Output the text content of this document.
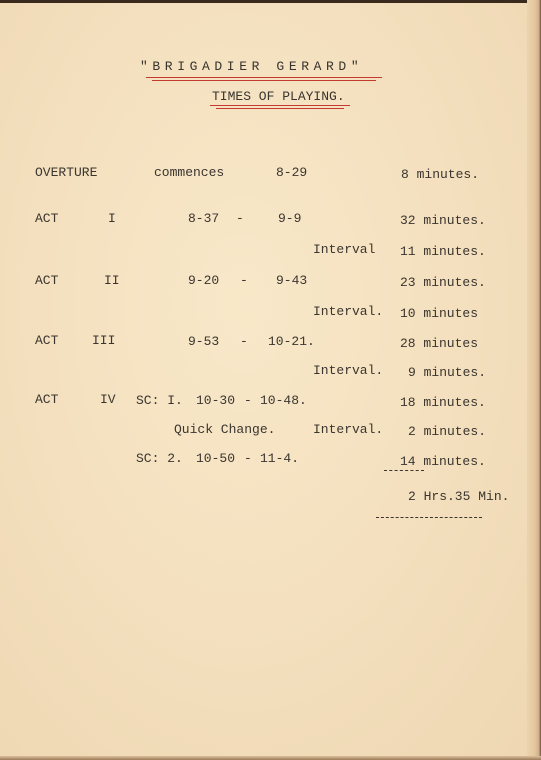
"BRIGADIER GERARD"
TIMES OF PLAYING.
OVERTURE	commences	8-29	8 minutes.
ACT	I	8-37 -	9-9	32 minutes.
Interval 11 minutes.
ACT	II	9-20 - 9-43	23 minutes.
Interval. 10 minutes
ACT	III	9-53 - 10-21.	28 minutes
Interval. 9 minutes.
ACT	IV SC: I. 10-30 - 10-48.	18 minutes.
Quick Change.	Interval. 2 minutes.
SC: 2. 10-50 - 11-4.	14 minutes.
2 Hrs.35 Min.
